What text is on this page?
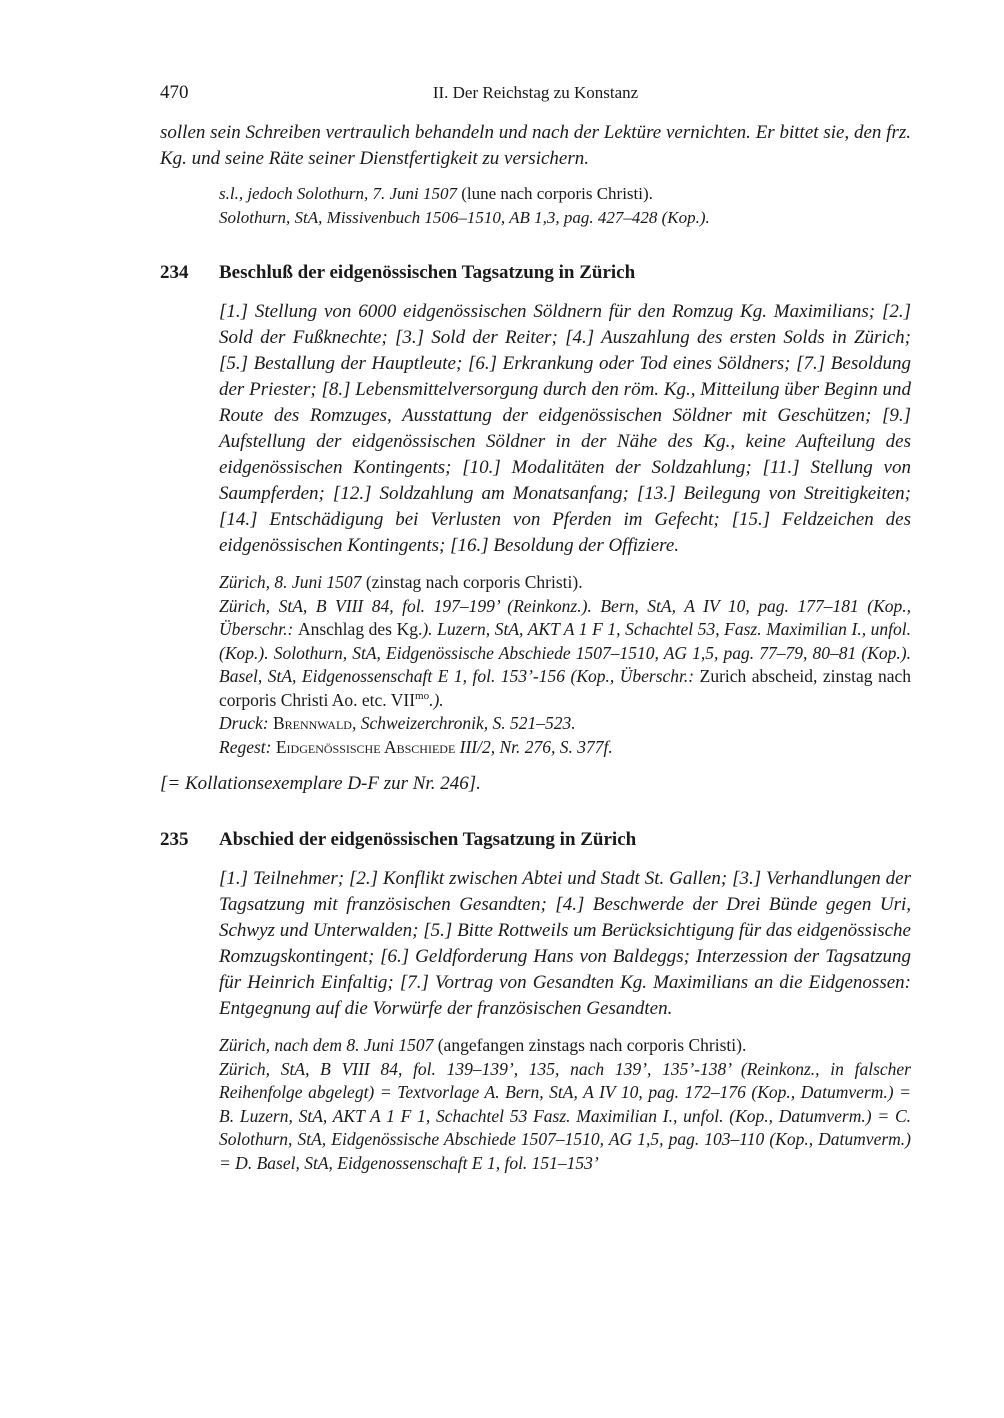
470	II. Der Reichstag zu Konstanz

sollen sein Schreiben vertraulich behandeln und nach der Lektüre vernichten. Er bittet sie, den frz. Kg. und seine Räte seiner Dienstfertigkeit zu versichern.

s.l., jedoch Solothurn, 7. Juni 1507 (lune nach corporis Christi).

Solothurn, StA, Missivenbuch 1506–1510, AB 1,3, pag. 427–428 (Kop.).

234	Beschluß der eidgenössischen Tagsatzung in Zürich

[1.] Stellung von 6000 eidgenössischen Söldnern für den Romzug Kg. Maximilians; [2.] Sold der Fußknechte; [3.] Sold der Reiter; [4.] Auszahlung des ersten Solds in Zürich; [5.] Bestallung der Hauptleute; [6.] Erkrankung oder Tod eines Söldners; [7.] Besoldung der Priester; [8.] Lebensmittelversorgung durch den röm. Kg., Mitteilung über Beginn und Route des Romzuges, Ausstattung der eidgenössischen Söldner mit Geschützen; [9.] Aufstellung der eidgenössischen Söldner in der Nähe des Kg., keine Aufteilung des eidgenössischen Kontingents; [10.] Modalitäten der Soldzahlung; [11.] Stellung von Saumpferden; [12.] Soldzahlung am Monatsanfang; [13.] Beilegung von Streitigkeiten; [14.] Entschädigung bei Verlusten von Pferden im Gefecht; [15.] Feldzeichen des eidgenössischen Kontingents; [16.] Besoldung der Offiziere.

Zürich, 8. Juni 1507 (zinstag nach corporis Christi).

Zürich, StA, B VIII 84, fol. 197–199’ (Reinkonz.). Bern, StA, A IV 10, pag. 177–181 (Kop., Überschr.: Anschlag des Kg.). Luzern, StA, AKT A 1 F 1, Schachtel 53, Fasz. Maximilian I., unfol. (Kop.). Solothurn, StA, Eidgenössische Abschiede 1507–1510, AG 1,5, pag. 77–79, 80–81 (Kop.). Basel, StA, Eidgenossenschaft E 1, fol. 153’-156 (Kop., Überschr.: Zurich abscheid, zinstag nach corporis Christi Ao. etc. $VII^{mo}$.).

Druck: Brennwald, Schweizerchronik, S. 521–523.

Regest: Eidgenössische Abschiede III/2, Nr. 276, S. 377f.

[= Kollationsexemplare D-F zur Nr. 246].

235	Abschied der eidgenössischen Tagsatzung in Zürich

[1.] Teilnehmer; [2.] Konflikt zwischen Abtei und Stadt St. Gallen; [3.] Verhandlungen der Tagsatzung mit französischen Gesandten; [4.] Beschwerde der Drei Bünde gegen Uri, Schwyz und Unterwalden; [5.] Bitte Rottweils um Berücksichtigung für das eidgenössische Romzugskontingent; [6.] Geldforderung Hans von Baldeggs; Interzession der Tagsatzung für Heinrich Einfaltig; [7.] Vortrag von Gesandten Kg. Maximilians an die Eidgenossen: Entgegnung auf die Vorwürfe der französischen Gesandten.

Zürich, nach dem 8. Juni 1507 (angefangen zinstags nach corporis Christi).

Zürich, StA, B VIII 84, fol. 139–139’, 135, nach 139’, 135’-138’ (Reinkonz., in falscher Reihenfolge abgelegt) = Textvorlage A. Bern, StA, A IV 10, pag. 172–176 (Kop., Datumverm.) = B. Luzern, StA, AKT A 1 F 1, Schachtel 53 Fasz. Maximilian I., unfol. (Kop., Datumverm.) = C. Solothurn, StA, Eidgenössische Abschiede 1507–1510, AG 1,5, pag. 103–110 (Kop., Datumverm.) = D. Basel, StA, Eidgenossenschaft E 1, fol. 151–153’
